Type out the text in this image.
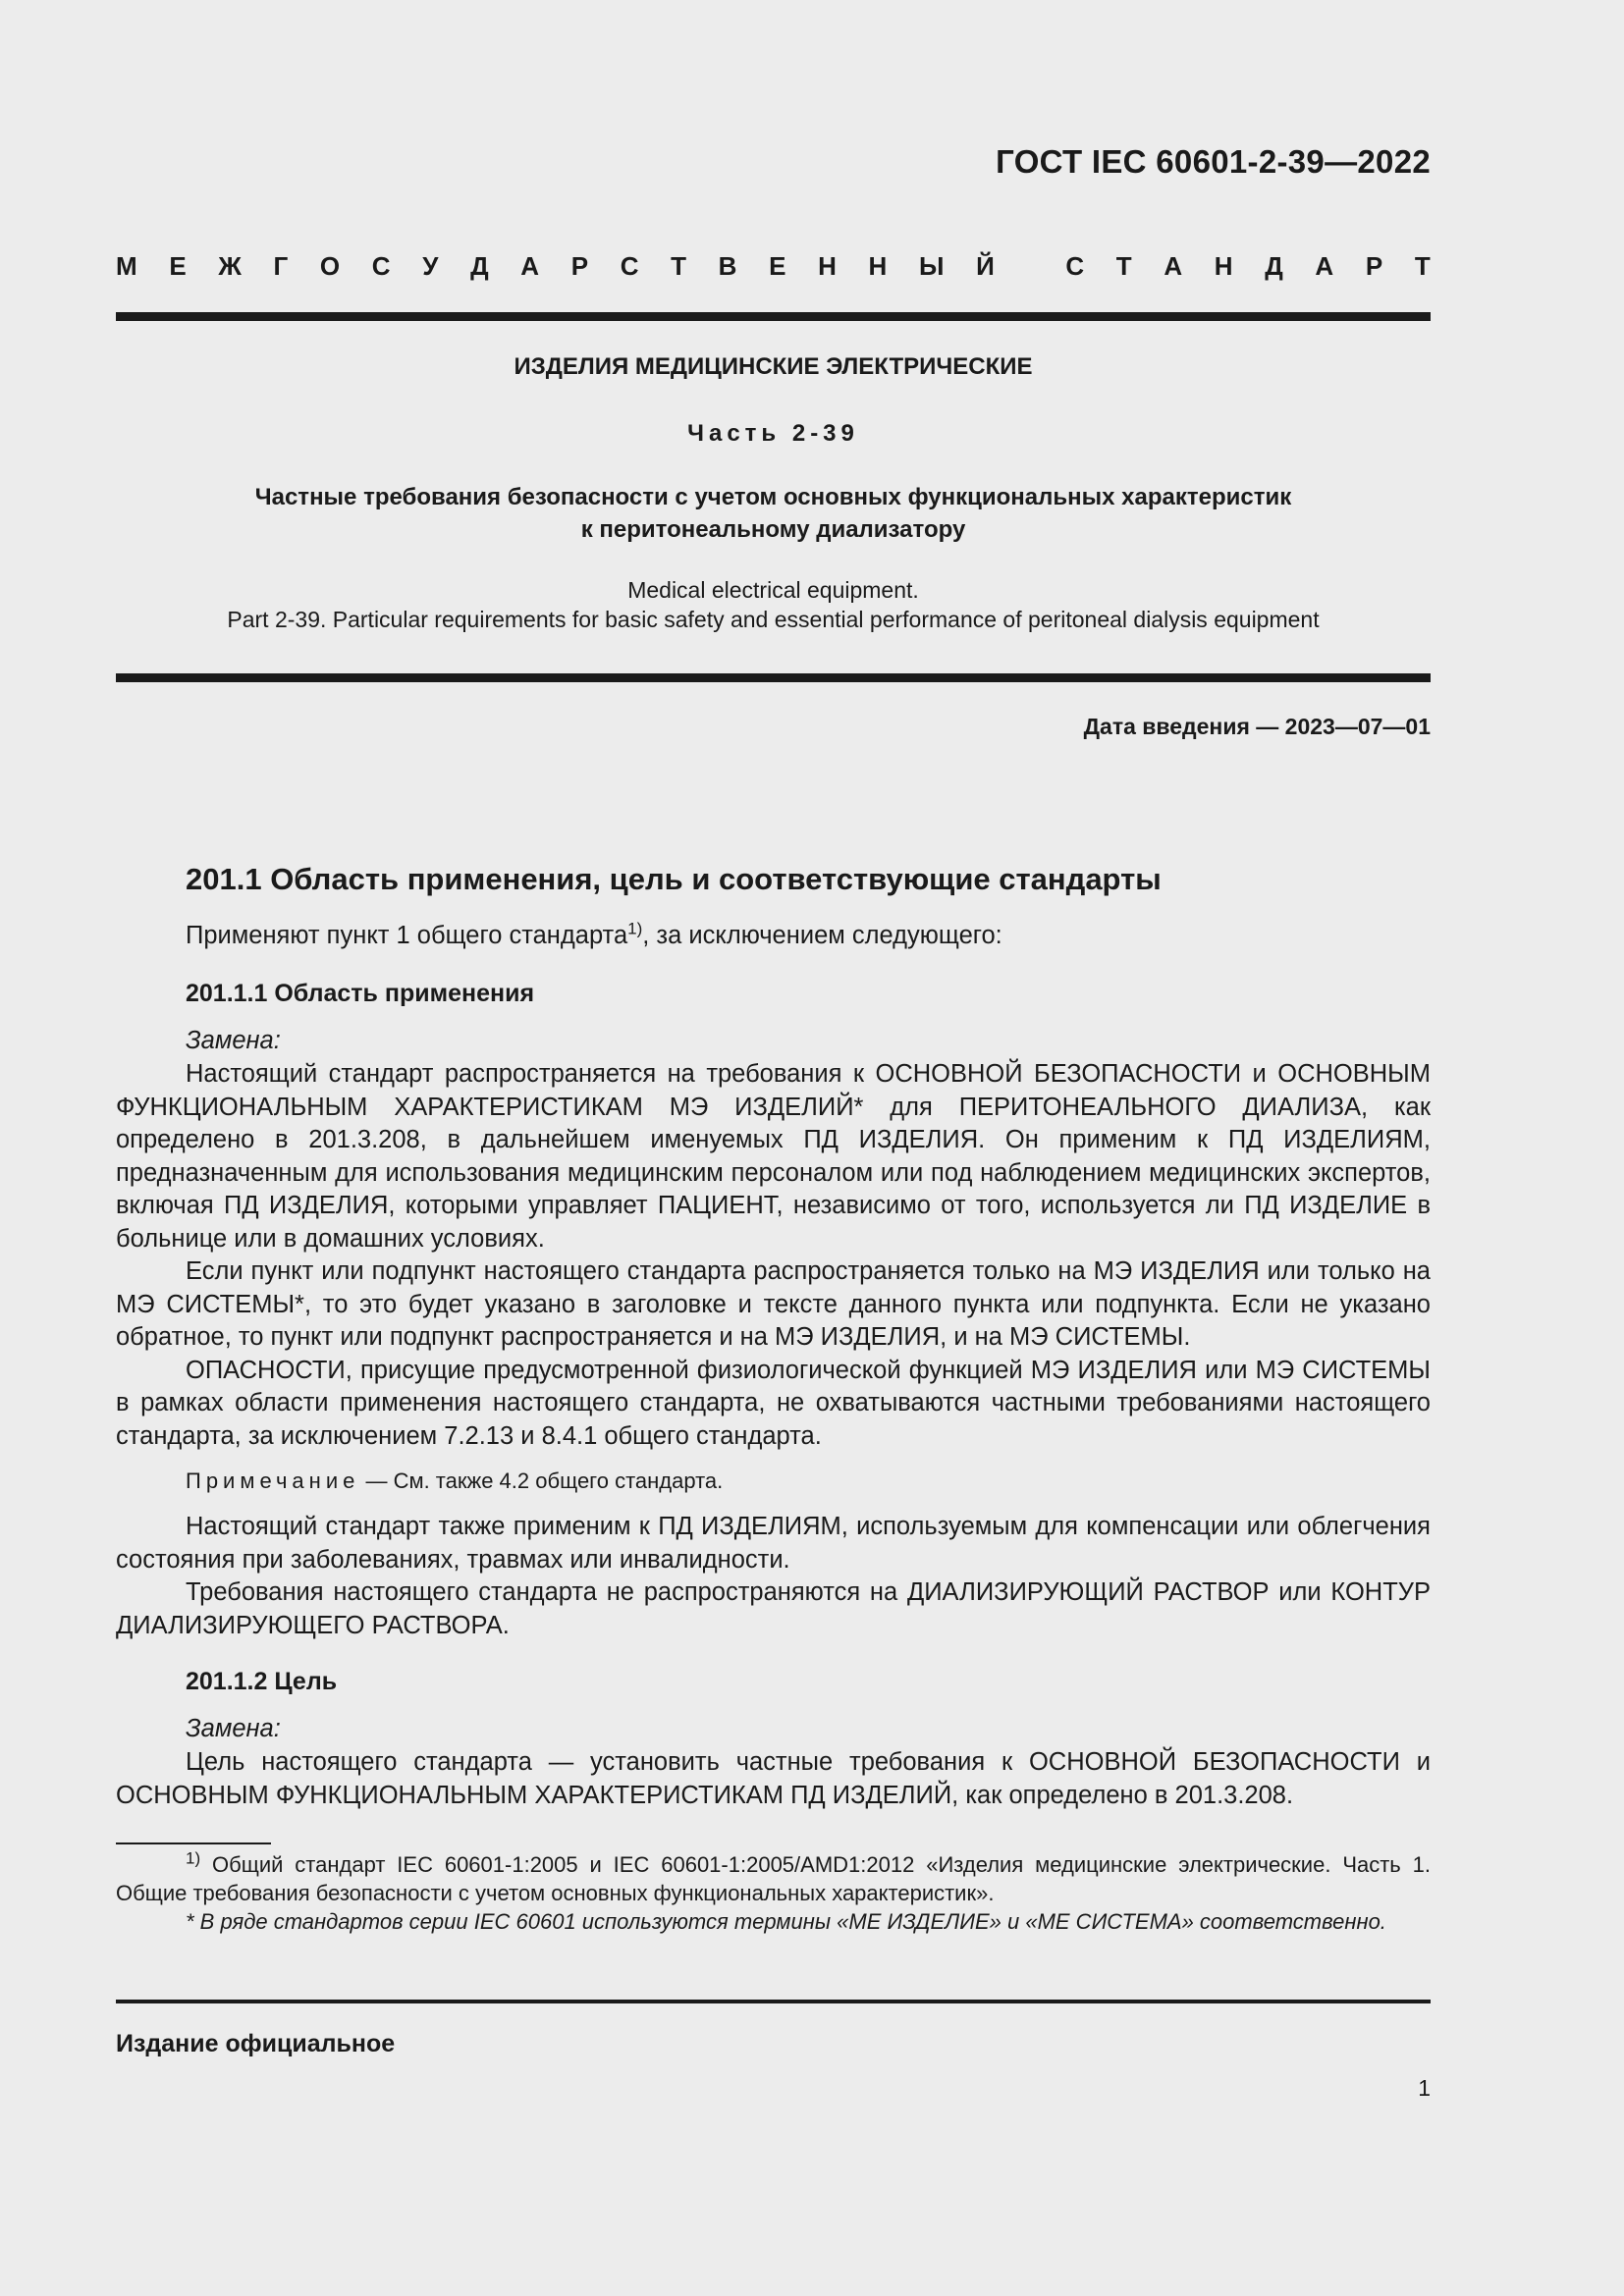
ГОСТ IEC 60601-2-39—2022
М Е Ж Г О С У Д А Р С Т В Е Н Н Ы Й
	С Т А Н Д А Р Т
ИЗДЕЛИЯ МЕДИЦИНСКИЕ ЭЛЕКТРИЧЕСКИЕ
Часть 2-39
Частные требования безопасности с учетом основных функциональных характеристик
к перитонеальному диализатору
Medical electrical equipment.
Part 2-39. Particular requirements for basic safety and essential performance of peritoneal dialysis equipment
Дата введения — 2023—07—01
201.1 Область применения, цель и соответствующие стандарты
Применяют пункт 1 общего стандарта$^{1)}$, за исключением следующего:
201.1.1 Область применения
Замена:

Настоящий стандарт распространяется на требования к ОСНОВНОЙ БЕЗОПАСНОСТИ и ОСНОВНЫМ ФУНКЦИОНАЛЬНЫМ ХАРАКТЕРИСТИКАМ МЭ ИЗДЕЛИЙ* для ПЕРИТОНЕАЛЬНОГО ДИАЛИЗА, как определено в 201.3.208, в дальнейшем именуемых ПД ИЗДЕЛИЯ. Он применим к ПД ИЗДЕЛИЯМ, предназначенным для использования медицинским персоналом или под наблюдением медицинских экспертов, включая ПД ИЗДЕЛИЯ, которыми управляет ПАЦИЕНТ, независимо от того, используется ли ПД ИЗДЕЛИЕ в больнице или в домашних условиях.

Если пункт или подпункт настоящего стандарта распространяется только на МЭ ИЗДЕЛИЯ или только на МЭ СИСТЕМЫ*, то это будет указано в заголовке и тексте данного пункта или подпункта. Если не указано обратное, то пункт или подпункт распространяется и на МЭ ИЗДЕЛИЯ, и на МЭ СИСТЕМЫ.

ОПАСНОСТИ, присущие предусмотренной физиологической функцией МЭ ИЗДЕЛИЯ или МЭ СИСТЕМЫ в рамках области применения настоящего стандарта, не охватываются частными требованиями настоящего стандарта, за исключением 7.2.13 и 8.4.1 общего стандарта.

Примечание — См. также 4.2 общего стандарта.

Настоящий стандарт также применим к ПД ИЗДЕЛИЯМ, используемым для компенсации или облегчения состояния при заболеваниях, травмах или инвалидности.

Требования настоящего стандарта не распространяются на ДИАЛИЗИРУЮЩИЙ РАСТВОР или КОНТУР ДИАЛИЗИРУЮЩЕГО РАСТВОРА.

201.1.2 Цель
Замена:

Цель настоящего стандарта — установить частные требования к ОСНОВНОЙ БЕЗОПАСНОСТИ и ОСНОВНЫМ ФУНКЦИОНАЛЬНЫМ ХАРАКТЕРИСТИКАМ ПД ИЗДЕЛИЙ, как определено в 201.3.208.

$^{1)}$ Общий стандарт IEC 60601-1:2005 и IEC 60601-1:2005/AMD1:2012 «Изделия медицинские электрические. Часть 1. Общие требования безопасности с учетом основных функциональных характеристик».

* В ряде стандартов серии IEC 60601 используются термины «ME ИЗДЕЛИЕ» и «ME СИСТЕМА» соответственно.

Издание официальное
1
